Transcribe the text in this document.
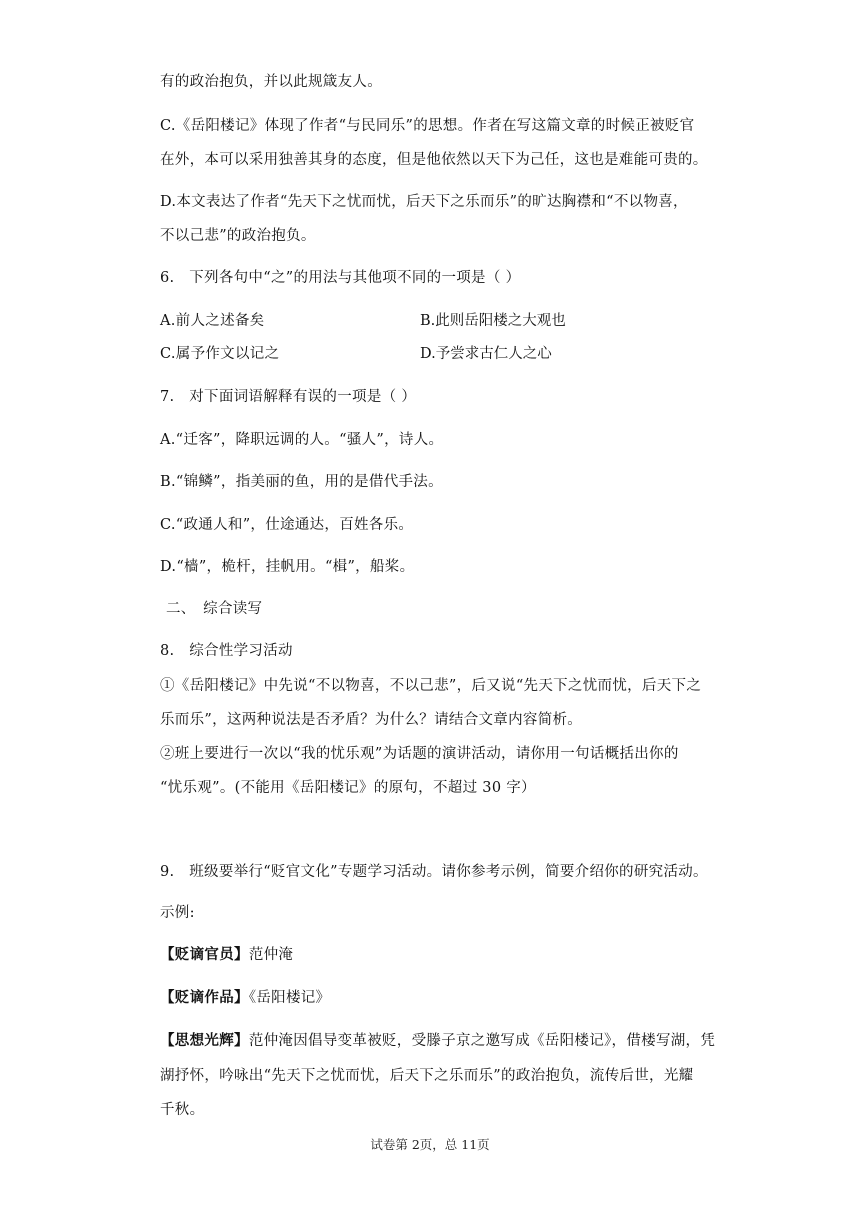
有的政治抱负，并以此规箴友人。
C.《岳阳楼记》体现了作者“与民同乐”的思想。作者在写这篇文章的时候正被贬官
在外，本可以采用独善其身的态度，但是他依然以天下为己任，这也是难能可贵的。
D.本文表达了作者“先天下之忧而忧，后天下之乐而乐”的旷达胸襟和“不以物喜，
不以己悲”的政治抱负。
6.　下列各句中“之”的用法与其他项不同的一项是（ ）
A.前人之述备矣	B.此则岳阳楼之大观也
C.属予作文以记之	D.予尝求古仁人之心
7.　对下面词语解释有误的一项是（ ）
A.“迁客”，降职远调的人。“骚人”，诗人。
B.“锦鳞”，指美丽的鱼，用的是借代手法。
C.“政通人和”，仕途通达，百姓各乐。
D.“樯”，桅杆，挂帆用。“楫”，船桨。
二、　综合读写
8.　综合性学习活动
①《岳阳楼记》中先说“不以物喜，不以己悲”，后又说“先天下之忧而忧，后天下之
乐而乐”，这两种说法是否矛盾？为什么？请结合文章内容简析。
②班上要进行一次以“我的忧乐观”为话题的演讲活动，请你用一句话概括出你的
“忧乐观”。(不能用《岳阳楼记》的原句，不超过 30 字）
9.　班级要举行“贬官文化”专题学习活动。请你参考示例，简要介绍你的研究活动。
示例:
【贬谪官员】范仲淹
【贬谪作品】《岳阳楼记》
【思想光辉】范仲淹因倡导变革被贬，受滕子京之邀写成《岳阳楼记》，借楼写湖，凭
湖抒怀，吟咏出“先天下之忧而忧，后天下之乐而乐”的政治抱负，流传后世，光耀
千秋。
试卷第 2页，总 11页
